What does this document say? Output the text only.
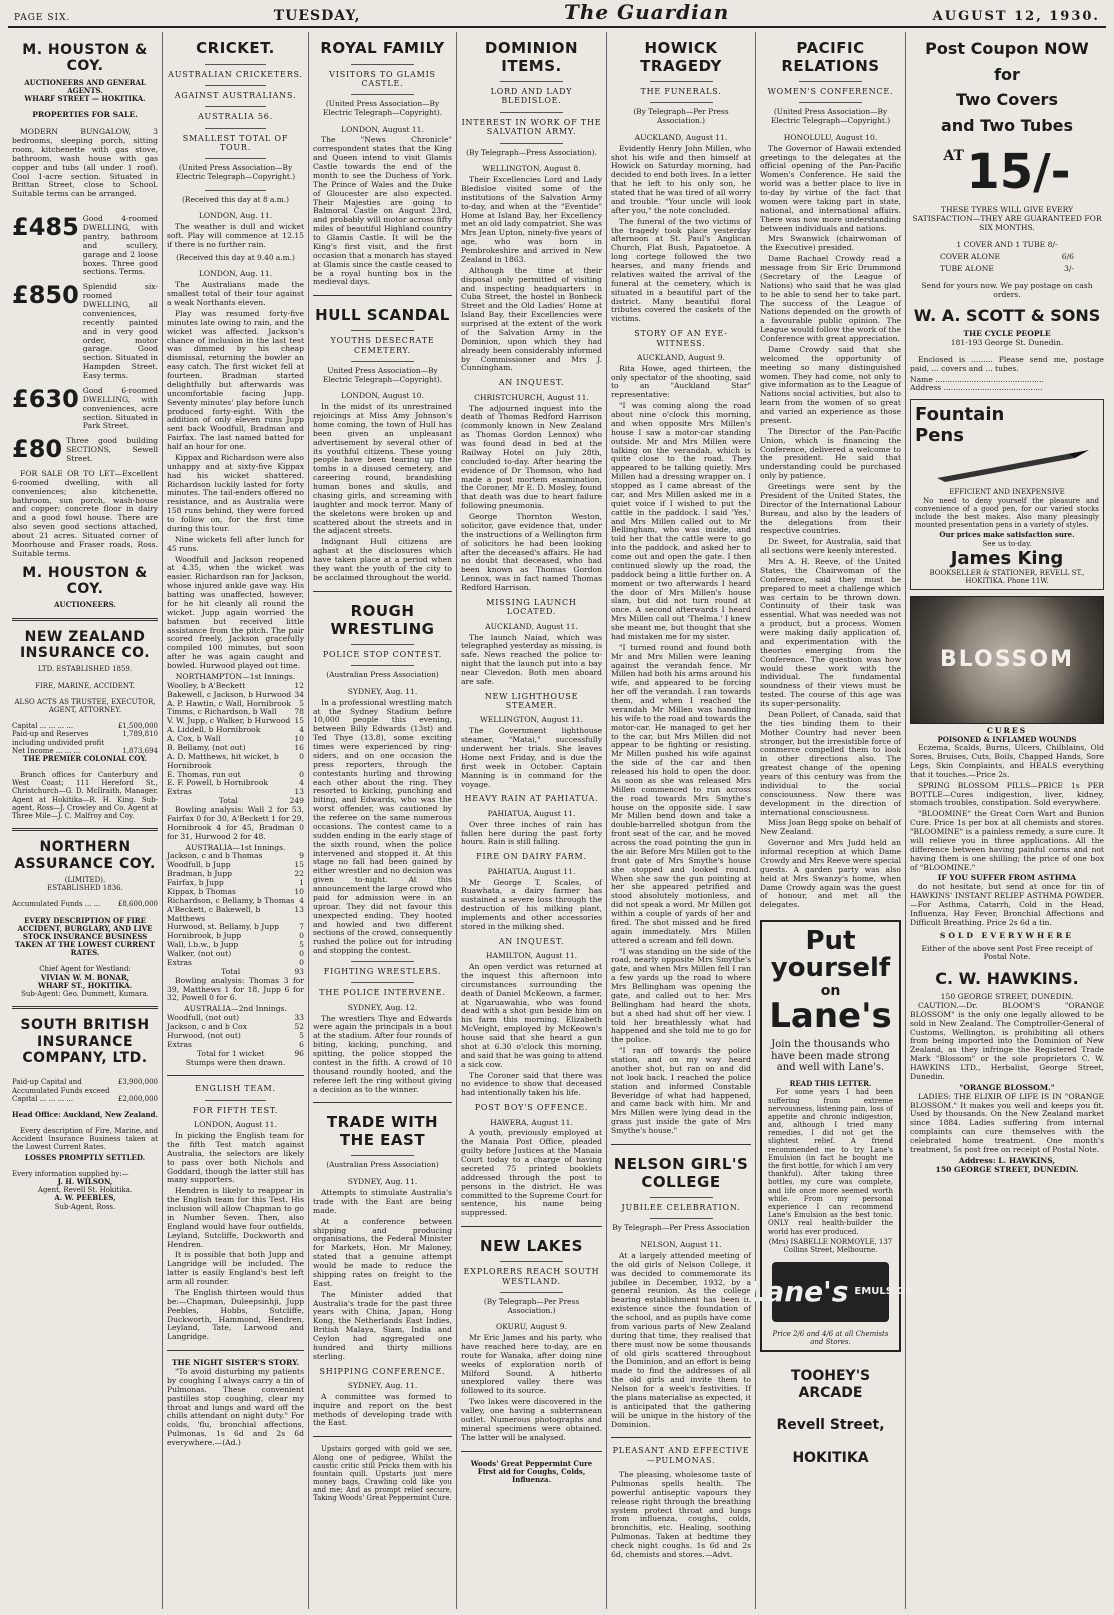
PAGE SIX.	TUESDAY,	The Guardian	AUGUST 12, 1930.
M. HOUSTON & COY.
AUCTIONEERS AND GENERAL AGENTS.
WHARF STREET — HOKITIKA.
PROPERTIES FOR SALE.
MODERN BUNGALOW, 3 bedrooms, sleeping porch, sitting room, kitchenette with gas stove, bathroom, wash house with gas copper and tubs (all under 1 roof). Cool 1-acre section. Situated in Brittan Street, close to School. Suitable terms can be arranged.
£485 Good 4-roomed DWELLING, with pantry, bathroom and scullery, garage and 2 loose boxes. Three good sections. Terms.
£850 Splendid six-roomed DWELLING, all conveniences, recently painted and in very good order, motor garage. Good section. Situated in Hampden Street. Easy terms.
£630 Good 6-roomed DWELLING, with conveniences, acre section. Situated in Park Street.
£80 Three good building SECTIONS, Sewell Street.
FOR SALE OR TO LET—Excellent 6-roomed dwelling, with all conveniences; also kitchenette, bathroom, sun porch, wash-house and copper; concrete floor in dairy and a good fowl house. There are also seven good sections attached, about 21 acres. Situated corner of Moorhouse and Fraser roads, Ross. Suitable terms.
M. HOUSTON & COY.
AUCTIONEERS.
NEW ZEALAND INSURANCE CO.
LTD. ESTABLISHED 1859.
FIRE, MARINE, ACCIDENT.
ALSO ACTS AS TRUSTEE, EXECUTOR, AGENT, ATTORNEY.
Capital ... ... ... ...	£1,500,000
Paid-up and Reserves including undivided profit
1,789,810
Net Income ... ... ...	1,873,694
THE PREMIER COLONIAL COY.
Branch offices for Canterbury and West Coast; 111 Hereford St., Christchurch—G. D. McIlraith, Manager. Agent at Hokitika—R. H. King. Sub-agent, Ross—J. Crowley and Co. Agent at Three Mile—J. C. Malfroy and Coy.
NORTHERN ASSURANCE COY.
(LIMITED).
ESTABLISHED 1836.
Accumulated Funds ... ...	£8,600,000
EVERY DESCRIPTION OF FIRE ACCIDENT, BURGLARY, AND LIVE STOCK INSURANCE BUSINESS TAKEN AT THE LOWEST CURRENT RATES.
Chief Agent for Westland:
VIVIAN W. M. BONAR,
WHARF ST., HOKITIKA.
Sub-Agent: Geo. Dummett, Kumara.
SOUTH BRITISH INSURANCE COMPANY, LTD.
Paid-up Capital and Accumulated Funds exceed
£3,900,000
Capital ... ... ... ...	£2,000,000
Head Office: Auckland, New Zealand.
Every description of Fire, Marine, and Accident Insurance Business taken at the Lowest Current Rates.
LOSSES PROMPTLY SETTLED.
Every information supplied by:—
J. H. WILSON,
Agent, Revell St. Hokitika.
A. W. PEEBLES,
Sub-Agent, Ross.
CRICKET.
AUSTRALIAN CRICKETERS.
AGAINST AUSTRALIANS.
AUSTRALIA 56.
SMALLEST TOTAL OF TOUR.
(United Press Association—By Electric Telegraph—Copyright.)
(Received this day at 8 a.m.)
LONDON, Aug. 11.
The weather is dull and wicket soft. Play will commence at 12.15 if there is no further rain.
(Received this day at 9.40 a.m.)
LONDON, Aug. 11.
The Australians made the smallest total of their tour against a weak Northants eleven.
Play was resumed forty-five minutes late owing to rain, and the wicket was affected. Jackson's chance of inclusion in the last test was dimmed by his cheap dismissal, returning the bowler an easy catch. The first wicket fell at fourteen. Bradman started delightfully but afterwards was uncomfortable facing Jupp. Seventy minutes' play before lunch produced forty-eight. With the addition of only eleven runs Jupp sent back Woodfull, Bradman and Fairfax. The last named batted for half an hour for one.
Kippax and Richardson were also unhappy and at sixty-five Kippax had his wicket shattered. Richardson luckily lasted for forty minutes. The tail-enders offered no resistance, and as Australia were 158 runs behind, they were forced to follow on, for the first time during this tour.
Nine wickets fell after lunch for 45 runs.
Woodfull and Jackson reopened at 4.35, when the wicket was easier. Richardson ran for Jackson, whose injured ankle gave way. His batting was unaffected, however, for he hit cleanly all round the wicket. Jupp again worried the batsmen but received little assistance from the pitch. The pair scored freely, Jackson gracefully compiled 100 minutes, but soon after he was again caught and bowled. Hurwood played out time.
NORTHAMPTON—1st Innings.
Woolley, b A'Beckett	12
Bakewell, c Jackson, b Hurwood 34
A. P. Hawtin, c Wall, Hornibrook 5
Timms, c Richardson, b Wall 78
V. W. Jupp, c Walker, b Hurwood 15
A. Liddell, b Hornibrook	4
A. Cox, b Wall	10
B. Bellamy, (not out)	16
A. D. Matthews, hit wicket, b Hornibrook
0
E. Thomas, run out	0
E. F. Powell, b Hornibrook	4
Extras	13
Total	249
Bowling analysis: Wall 2 for 53, Fairfax 0 for 30, A'Beckett 1 for 29, Hornibrook 4 for 45, Bradman 0 for 31, Hurwood 2 for 48.
AUSTRALIA—1st Innings.
Jackson, c and b Thomas	9
Woodfull, b Jupp	15
Bradman, b Jupp	22
Fairfax, b Jupp	1
Kippax, b Thomas	10
Richardson, c Bellamy, b Thomas 4
A'Beckett, c Bakewell, b Matthews
13
Hurwood, st. Bellamy, b Jupp	7
Hornibrook, b Jupp	0
Wall, l.b.w., b Jupp	5
Walker, (not out)	0
Extras	0
Total	93
Bowling analysis: Thomas 3 for 39, Matthews 1 for 18, Jupp 6 for 32, Powell 0 for 6.
AUSTRALIA—2nd Innings.
Woodfull, (not out)	33
Jackson, c and b Cox	52
Hurwood, (not out)	5
Extras	6
Total for 1 wicket	96
Stumps were then drawn.
ENGLISH TEAM.
FOR FIFTH TEST.
LONDON, August 11.
In picking the English team for the fifth Test match against Australia, the selectors are likely to pass over both Nichols and Goddard, though the latter still has many supporters.
Hendren is likely to reappear in the English team for this Test. His inclusion will allow Chapman to go in Number Seven. Then, also England would have four outfields, Leyland, Sutcliffe, Duckworth and Hendren.
It is possible that both Jupp and Langridge will be included. The latter is easily England's best left arm all rounder.
The English thirteen would thus be:—Chapman, Duleepsinhji, Jupp Peebles, Hobbs, Sutcliffe, Duckworth, Hammond, Hendren, Leyland, Tate, Larwood and Langridge.
THE NIGHT SISTER'S STORY.
"To avoid disturbing my patients by coughing I always carry a tin of Pulmonas. These convenient pastilles stop coughing, clear my throat and lungs and ward off the chills attendant on night duty." For colds, 'flu, bronchial affections, Pulmonas, 1s 6d and 2s 6d everywhere.—(Ad.)
ROYAL FAMILY
VISITORS TO GLAMIS CASTLE.
(United Press Association—By Electric Telegraph—Copyright).
LONDON, August 11.
The "News Chronicle" correspondent states that the King and Queen intend to visit Glamis Castle towards the end of the month to see the Duchess of York. The Prince of Wales and the Duke of Gloucester are also expected. Their Majesties are going to Balmoral Castle on August 23rd, and probably will motor across fifty miles of beautiful Highland country to Glamis Castle. It will be the King's first visit, and the first occasion that a monarch has stayed at Glamis since the castle ceased to be a royal hunting box in the medieval days.
HULL SCANDAL
YOUTHS DESECRATE CEMETERY.
United Press Association—By Electric Telegraph—Copyright).
LONDON, August 10.
In the midst of its unrestrained rejoicings at Miss Amy Johnson's home coming, the town of Hull has been given an unpleasant advertisement by several other of its youthful citizens. These young people have been tearing up the tombs in a disused cemetery, and careering round, brandishing human bones and skulls, and chasing girls, and screaming with laughter and mock terror. Many of the skeletons were broken up and scattered about the streets and in the adjacent streets.
Indignant Hull citizens are aghast at the disclosures which have taken place at a period when they want the youth of the city to be acclaimed throughout the world.
ROUGH WRESTLING
POLICE STOP CONTEST.
(Australian Press Association)
SYDNEY, Aug. 11.
In a professional wrestling match at the Sydney Stadium before 10,000 people this evening, between Billy Edwards (13st) and Ted Thye (13.8), some exciting times were experienced by ring-siders, and on one occasion the press reporters, through the contestants hurling and throwing each other about the ring. They resorted to kicking, punching and biting, and Edwards, who was the worst offender, was cautioned by the referee on the same numerous occasions. The contest came to a sudden ending in the early stage of the sixth round, when the police intervened and stopped it. At this stage no fall had been gained by either wrestler and no decision was given to-night. At this announcement the large crowd who paid for admission were in an uproar. They did not favour this unexpected ending. They hooted and howled and two different sections of the crowd, consequently rushed the police out for intruding and stopping the contest.
FIGHTING WRESTLERS.
THE POLICE INTERVENE.
SYDNEY, Aug. 12.
The wrestlers Thye and Edwards were again the principals in a bout at the stadium. After four rounds of biting, kicking, punching, and spitting, the police stopped the contest in the fifth. A crowd of 10 thousand roundly hooted, and the referee left the ring without giving a decision as to the winner.
TRADE WITH THE EAST
(Australian Press Association)
SYDNEY, Aug. 11.
Attempts to stimulate Australia's trade with the East are being made.
At a conference between shipping and producing organisations, the Federal Minister for Markets, Hon. Mr Maloney, stated that a genuine attempt would be made to reduce the shipping rates on freight to the East.
The Minister added that Australia's trade for the past three years with China, Japan, Hong Kong, the Netherlands East Indies, British Malaya, Siam, India and Ceylon had aggregated one hundred and thirty millions sterling.
SHIPPING CONFERENCE.
SYDNEY, Aug. 11.
A committee was formed to inquire and report on the best methods of developing trade with the East.
Upstairs gorged with gold we see, Along one of pedigree, Whilst the caustic critic still Pricks them with his fountain quill. Upstarts just mere money bags, Crawling cold like you and me; And as prompt relief secure, Taking Woods' Great Peppermint Cure.
DOMINION ITEMS.
LORD AND LADY BLEDISLOE.
INTEREST IN WORK OF THE SALVATION ARMY.
(By Telegraph—Press Association).
WELLINGTON, August 8.
Their Excellencies Lord and Lady Bledisloe visited some of the institutions of the Salvation Army to-day, and when at the "Eventide" Home at Island Bay, her Excellency met an old lady compatriot. She was Mrs Jean Upton, ninety-five years of age, who was born in Pembrokeshire and arrived in New Zealand in 1863.
Although the time at their disposal only permitted of visiting and inspecting headquarters in Cuba Street, the hostel in Bonbeck Street and the Old Ladies' Home at Island Bay, their Excellencies were surprised at the extent of the work of the Salvation Army in the Dominion, upon which they had already been considerably informed by Commissioner and Mrs J. Cunningham.
AN INQUEST.
CHRISTCHURCH, August 11.
The adjourned inquest into the death of Thomas Redford Harrison (commonly known in New Zealand as Thomas Gordon Lennox) who was found dead in bed at the Railway Hotel on July 28th, concluded to-day. After hearing the evidence of Dr Thomson, who had made a post mortem examination, the Coroner, Mr E. D. Mosley, found that death was due to heart failure following pneumonia.
George Thornton Weston, solicitor, gave evidence that, under the instructions of a Wellington firm of solicitors he had been looking after the deceased's affairs. He had no doubt that deceased, who had been known as Thomas Gordon Lennox, was in fact named Thomas Redford Harrison.
MISSING LAUNCH LOCATED.
AUCKLAND, August 11.
The launch Naiad, which was telegraphed yesterday as missing, is safe. News reached the police to-night that the launch put into a bay near Clevedon. Both men aboard are safe.
NEW LIGHTHOUSE STEAMER.
WELLINGTON, August 11.
The Government lighthouse steamer, "Matai," successfully underwent her trials. She leaves Home next Friday, and is due the first week in October. Captain Manning is in command for the voyage.
HEAVY RAIN AT PAHIATUA.
PAHIATUA, August 11.
Over three inches of rain has fallen here during the past forty hours. Rain is still falling.
FIRE ON DAIRY FARM.
PAHIATUA, August 11.
Mr George T. Scales, of Ruawhata, a dairy farmer has sustained a severe loss through the destruction of his milking plant, implements and other accessories stored in the milking shed.
AN INQUEST.
HAMILTON, August 11.
An open verdict was returned at the inquest this afternoon into circumstances surrounding the death of Daniel McKeown, a farmer, at Ngaruawahia, who was found dead with a shot gun beside him on his farm this morning. Elizabeth McVeight, employed by McKeown's house said that she heard a gun shot at 6.30 o'clock this morning, and said that he was going to attend a sick cow.
The Coroner said that there was no evidence to show that deceased had intentionally taken his life.
POST BOY'S OFFENCE.
HAWERA, August 11.
A youth, previously employed at the Manaia Post Office, pleaded guilty before Justices at the Manaia Court today to a charge of having secreted 75 printed booklets addressed through the post to persons in the district. He was committed to the Supreme Court for sentence, his name being suppressed.
NEW LAKES
EXPLORERS REACH SOUTH WESTLAND.
(By Telegraph—Per Press Association.)
OKURU, August 9.
Mr Eric James and his party, who have reached here to-day, are en route for Wanaka, after doing nine weeks of exploration north of Milford Sound. A hitherto unexplored valley there was followed to its source.
Two lakes were discovered in the valley, one having a subterranean outlet. Numerous photographs and mineral specimens were obtained. The latter will be analysed.
Woods' Great Peppermint Cure First aid for Coughs, Colds, Influenza.
HOWICK TRAGEDY
THE FUNERALS.
(By Telegraph—Per Press Association.)
AUCKLAND, August 11.
Evidently Henry John Millen, who shot his wife and then himself at Howick on Saturday morning, had decided to end both lives. In a letter that he left to his only son, he stated that he was tired of all worry and trouble. "Your uncle will look after you," the note concluded.
The funeral of the two victims of the tragedy took place yesterday afternoon at St. Paul's Anglican Church, Flat Bush, Papatoetoe. A long cortege followed the two hearses, and many friends and relatives waited the arrival of the funeral at the cemetery, which is situated in a beautiful part of the district. Many beautiful floral tributes covered the caskets of the victims.
STORY OF AN EYE-WITNESS.
AUCKLAND, August 9.
Rita Howe, aged thirteen, the only spectator of the shooting, said to an "Auckland Star" representative:
"I was coming along the road about nine o'clock this morning, and when opposite Mrs Millen's house I saw a motor-car standing outside. Mr and Mrs Millen were talking on the verandah, which is quite close to the road. They appeared to be talking quietly. Mrs Millen had a dressing wrapper on. I stopped as I came abreast of the car, and Mrs Millen asked me in a quiet voice if I wished to put the cattle in the paddock. I said 'Yes,' and Mrs Millen called out to Mr Bellingham, who was inside, and told her that the cattle were to go into the paddock, and asked her to come out and open the gate. I then continued slowly up the road, the paddock being a little further on. A moment or two afterwards I heard the door of Mrs Millen's house slam, but did not turn round at once. A second afterwards I heard Mrs Millen call out 'Thelma.' I knew she meant me, but thought that she had mistaken me for my sister.
"I turned round and found both Mr and Mrs Millen were leaning against the verandah fence. Mr Millen had both his arms around his wife, and appeared to be forcing her off the verandah. I ran towards them, and when I reached the verandah Mr Millen was handling his wife to the road and towards the motor-car. He managed to get her to the car, but Mrs Millen did not appear to be fighting or resisting. Mr Millen pushed his wife against the side of the car and then released his hold to open the door. As soon as she was released Mrs Millen commenced to run across the road towards Mrs Smythe's house on the opposite side. I saw Mr Millen bend down and take a double-barrelled shotgun from the front seat of the car, and he moved across the road pointing the gun in the air. Before Mrs Millen got to the front gate of Mrs Smythe's house she stopped and looked round. When she saw the gun pointing at her she appeared petrified and stood absolutely motionless, and did not speak a word. Mr Millen got within a couple of yards of her and fired. The shot missed and he fired again immediately. Mrs Millen uttered a scream and fell down.
"I was standing on the side of the road, nearly opposite Mrs Smythe's gate, and when Mrs Millen fell I ran a few yards up the road to where Mrs Bellingham was opening the gate, and called out to her. Mrs Bellingham had heard the shots, but a shed had shut off her view. I told her breathlessly what had happened and she told me to go for the police.
"I ran off towards the police station, and on my way heard another shot, but ran on and did not look back. I reached the police station and informed Constable Beveridge of what had happened, and came back with him. Mr and Mrs Millen were lying dead in the grass just inside the gate of Mrs Smythe's house."
NELSON GIRL'S COLLEGE
JUBILEE CELEBRATION.
By Telegraph—Per Press Association
NELSON, August 11.
At a largely attended meeting of the old girls of Nelson College, it was decided to commemorate its jubilee in December, 1932, by a general reunion. As the college bearing establishment has been in existence since the foundation of the school, and as pupils have come from various parts of New Zealand during that time, they realised that there must now be some thousands of old girls scattered throughout the Dominion, and an effort is being made to find the addresses of all the old girls and invite them to Nelson for a week's festivities. If the plans materialise as expected, it is anticipated that the gathering will be unique in the history of the Dominion.
PLEASANT AND EFFECTIVE—PULMONAS.
The pleasing, wholesome taste of Pulmonas spells health. The powerful antiseptic vapours they release right through the breathing system protect throat and lungs from influenza, coughs, colds, bronchitis, etc. Healing, soothing Pulmonas. Taken at bedtime they check night coughs. 1s 6d and 2s 6d, chemists and stores.—Advt.
PACIFIC RELATIONS
WOMEN'S CONFERENCE.
(United Press Association—By Electric Telegraph—Copyright.)
HONOLULU, August 10.
The Governor of Hawaii extended greetings to the delegates at the official opening of the Pan-Pacific Women's Conference. He said the world was a better place to live in to-day by virtue of the fact that women were taking part in state, national, and international affairs. There was now more understanding between individuals and nations.
Mrs Swanwick (chairwoman of the Executive) presided.
Dame Rachael Crowdy read a message from Sir Eric Drummond (Secretary of the League of Nations) who said that he was glad to be able to send her to take part. The success of the League of Nations depended on the growth of a favourable public opinion. The League would follow the work of the Conference with great appreciation.
Dame Crowdy said that she welcomed the opportunity of meeting so many distinguished women. They had come, not only to give information as to the League of Nations social activities, but also to learn from the women of so great and varied an experience as those present.
The Director of the Pan-Pacific Union, which is financing the Conference, delivered a welcome to the president. He said that understanding could be purchased only by patience.
Greetings were sent by the President of the United States, the Director of the International Labour Bureau, and also by the leaders of the delegations from their respective countries.
Dr. Sweet, for Australia, said that all sections were keenly interested.
Mrs A. H. Reeve, of the United States, the Chairwoman of the Conference, said they must be prepared to meet a challenge which was certain to be thrown down. Continuity of their task was essential. What was needed was not a product, but a process. Women were making daily application of, and experimentation with the theories emerging from the Conference. The question was how would these work with the individual. The fundamental soundness of their views must be tested. The course of this age was its super-personality.
Dean Pollert, of Canada, said that the ties binding them to their Mother Country had never been stronger, but the irresistible force of commerce compelled them to look in other directions also. The greatest change of the opening years of this century was from the individual to the social consciousness. Now there was development in the direction of international consciousness.
Miss Joan Begg spoke on behalf of New Zealand.
Governor and Mrs Judd held an informal reception at which Dame Crowdy and Mrs Reeve were special guests. A garden party was also held at Mrs Swanzy's home, when Dame Crowdy again was the guest of honour, and met all the delegates.
Put yourself
on
Lane's
Join the thousands who have been made strong and well with Lane's.
READ THIS LETTER.
For some years I had been suffering from extreme nervousness, listening pain, loss of appetite and chronic indigestion, and, although I tried many remedies, I did not get the slightest relief. A friend recommended me to try Lane's Emulsion (in fact he bought me the first bottle, for which I am very thankful). After taking three bottles, my cure was complete, and life once more seemed worth while. From my personal experience I can recommend Lane's Emulsion as the best tonic. ONLY real health-builder the world has ever produced.
(Mrs) ISABELLE NORMOYLE, 137 Collins Street, Melbourne.
Lane's EMULSION
Price 2/6 and 4/6 at all Chemists and Stores.
TOOHEY'S ARCADE
Revell Street,
HOKITIKA
Post Coupon NOW for
Two Covers
and Two Tubes
AT 15/-
THESE TYRES WILL GIVE EVERY SATISFACTION—THEY ARE GUARANTEED FOR SIX MONTHS.
1 COVER AND 1 TUBE 8/-
COVER ALONE	6/6
TUBE ALONE	3/-
Send for yours now. We pay postage on cash orders.
W. A. SCOTT & SONS
THE CYCLE PEOPLE
181-193 George St. Dunedin.
Enclosed is ......... Please send me, postage paid, ... covers and ... tubes.
Name .............................................
Address .........................................
Fountain
Pens
EFFICIENT AND INEXPENSIVE
No need to deny yourself the pleasure and convenience of a good pen, for our varied stocks include the best makes. Also many pleasingly mounted presentation pens in a variety of styles.
Our prices make satisfaction sure.
See us to-day.
James King
BOOKSELLER & STATIONER, REVELL ST., HOKITIKA. Phone 11W.
BLOSSOM
CURES
POISONED & INFLAMED WOUNDS
Eczema, Scalds, Burns, Ulcers, Chilblains, Old Sores, Bruises, Cuts, Boils, Chapped Hands, Sore Legs, Skin Complaints, and HEALS everything that it touches.—Price 2s.
SPRING BLOSSOM PILLS—PRICE 1s PER BOTTLE—Cures indigestion, liver, kidney, stomach troubles, constipation. Sold everywhere.
"BLOOMINE" the Great Corn Wart and Bunion Cure. Price 1s per box at all chemists and stores. "BLOOMINE" is a painless remedy, a sure cure. It will relieve you in three applications. All the difference between having painful corns and not having them is one shilling; the price of one box of "BLOOMINE."
IF YOU SUFFER FROM ASTHMA
do not hesitate, but send at once for tin of HAWKINS' INSTANT RELIEF ASTHMA POWDER.—For Asthma, Catarrh, Cold in the Head, Influenza, Hay Fever, Bronchial Affections and Difficult Breathing. Price 2s 6d a tin.
SOLD EVERYWHERE
Either of the above sent Post Free receipt of Postal Note.
C. W. HAWKINS.
150 GEORGE STREET, DUNEDIN.
CAUTION.—Dr. BLOOM'S "ORANGE BLOSSOM" is the only one legally allowed to be sold in New Zealand. The Comptroller-General of Customs, Wellington, is prohibiting all others from being imported into the Dominion of New Zealand, as they infringe the Registered Trade Mark "Blossom" or the sole proprietors C. W. HAWKINS LTD., Herbalist, George Street, Dunedin.
"ORANGE BLOSSOM."
LADIES: THE ELIXIR OF LIFE IS IN "ORANGE BLOSSOM." It makes you well and keeps you fit. Used by thousands. On the New Zealand market since 1884. Ladies suffering from internal complaints can cure themselves with the celebrated home treatment. One month's treatment, 5s post free on receipt of Postal Note.
Address: L. HAWKINS,
150 GEORGE STREET, DUNEDIN.
